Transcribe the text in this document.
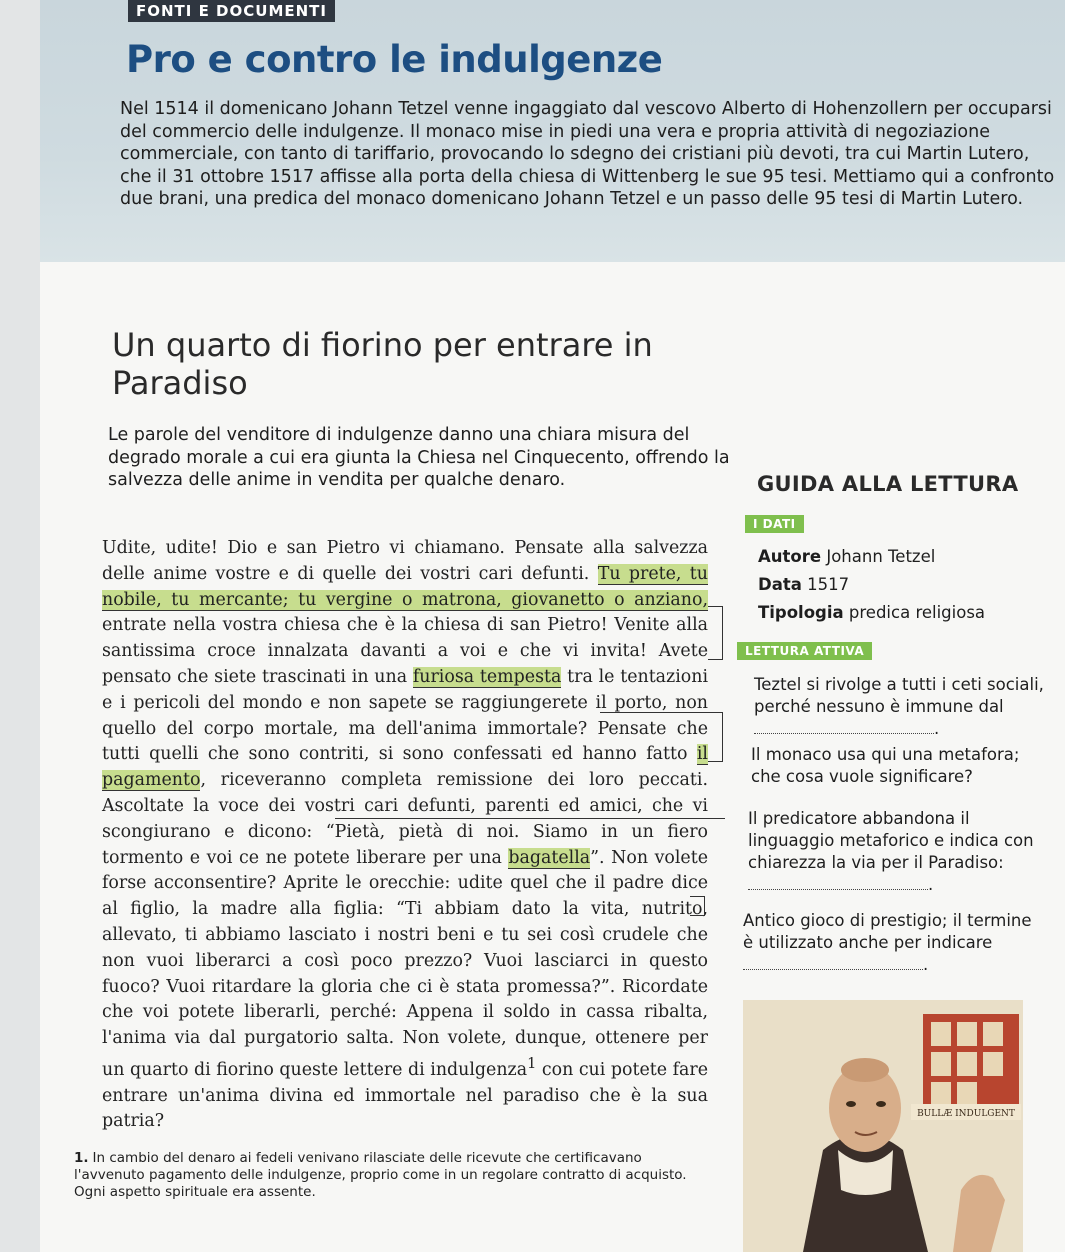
FONTI E DOCUMENTI
Pro e contro le indulgenze

Nel 1514 il domenicano Johann Tetzel venne ingaggiato dal vescovo Alberto di Hohenzollern per occuparsi del commercio delle indulgenze. Il monaco mise in piedi una vera e propria attività di negoziazione commerciale, con tanto di tariffario, provocando lo sdegno dei cristiani più devoti, tra cui Martin Lutero, che il 31 ottobre 1517 affisse alla porta della chiesa di Wittenberg le sue 95 tesi. Mettiamo qui a confronto due brani, una predica del monaco domenicano Johann Tetzel e un passo delle 95 tesi di Martin Lutero.

Un quarto di fiorino per entrare in Paradiso

Le parole del venditore di indulgenze danno una chiara misura del degrado morale a cui era giunta la Chiesa nel Cinquecento, offrendo la salvezza delle anime in vendita per qualche denaro.

Udite, udite! Dio e san Pietro vi chiamano. Pensate alla salvezza delle anime vostre e di quelle dei vostri cari defunti. Tu prete, tu nobile, tu mercante; tu vergine o matrona, giovanetto o anziano, entrate nella vostra chiesa che è la chiesa di san Pietro! Venite alla santissima croce innalzata davanti a voi e che vi invita! Avete pensato che siete trascinati in una furiosa tempesta tra le tentazioni e i pericoli del mondo e non sapete se raggiungerete il porto, non quello del corpo mortale, ma dell'anima immortale? Pensate che tutti quelli che sono contriti, si sono confessati ed hanno fatto il pagamento, riceveranno completa remissione dei loro peccati. Ascoltate la voce dei vostri cari defunti, parenti ed amici, che vi scongiurano e dicono: “Pietà, pietà di noi. Siamo in un fiero tormento e voi ce ne potete liberare per una bagatella”. Non volete forse acconsentire? Aprite le orecchie: udite quel che il padre dice al figlio, la madre alla figlia: “Ti abbiam dato la vita, nutrito, allevato, ti abbiamo lasciato i nostri beni e tu sei così crudele che non vuoi liberarci a così poco prezzo? Vuoi lasciarci in questo fuoco? Vuoi ritardare la gloria che ci è stata promessa?”. Ricordate che voi potete liberarli, perché: Appena il soldo in cassa ribalta, l'anima via dal purgatorio salta. Non volete, dunque, ottenere per un quarto di fiorino queste lettere di indulgenza$^1$ con cui potete fare entrare un'anima divina ed immortale nel paradiso che è la sua patria?

1. In cambio del denaro ai fedeli venivano rilasciate delle ricevute che certificavano l'avvenuto pagamento delle indulgenze, proprio come in un regolare contratto di acquisto. Ogni aspetto spirituale era assente.

GUIDA ALLA LETTURA
I DATI
Autore Johann Tetzel
Data 1517
Tipologia predica religiosa
LETTURA ATTIVA
Teztel si rivolge a tutti i ceti sociali, perché nessuno è immune dal
.
Il monaco usa qui una metafora; che cosa vuole significare?
Il predicatore abbandona il linguaggio metaforico e indica con chiarezza la via per il Paradiso:
.
Antico gioco di prestigio; il termine è utilizzato anche per indicare.
BULLÆ INDULGENT
